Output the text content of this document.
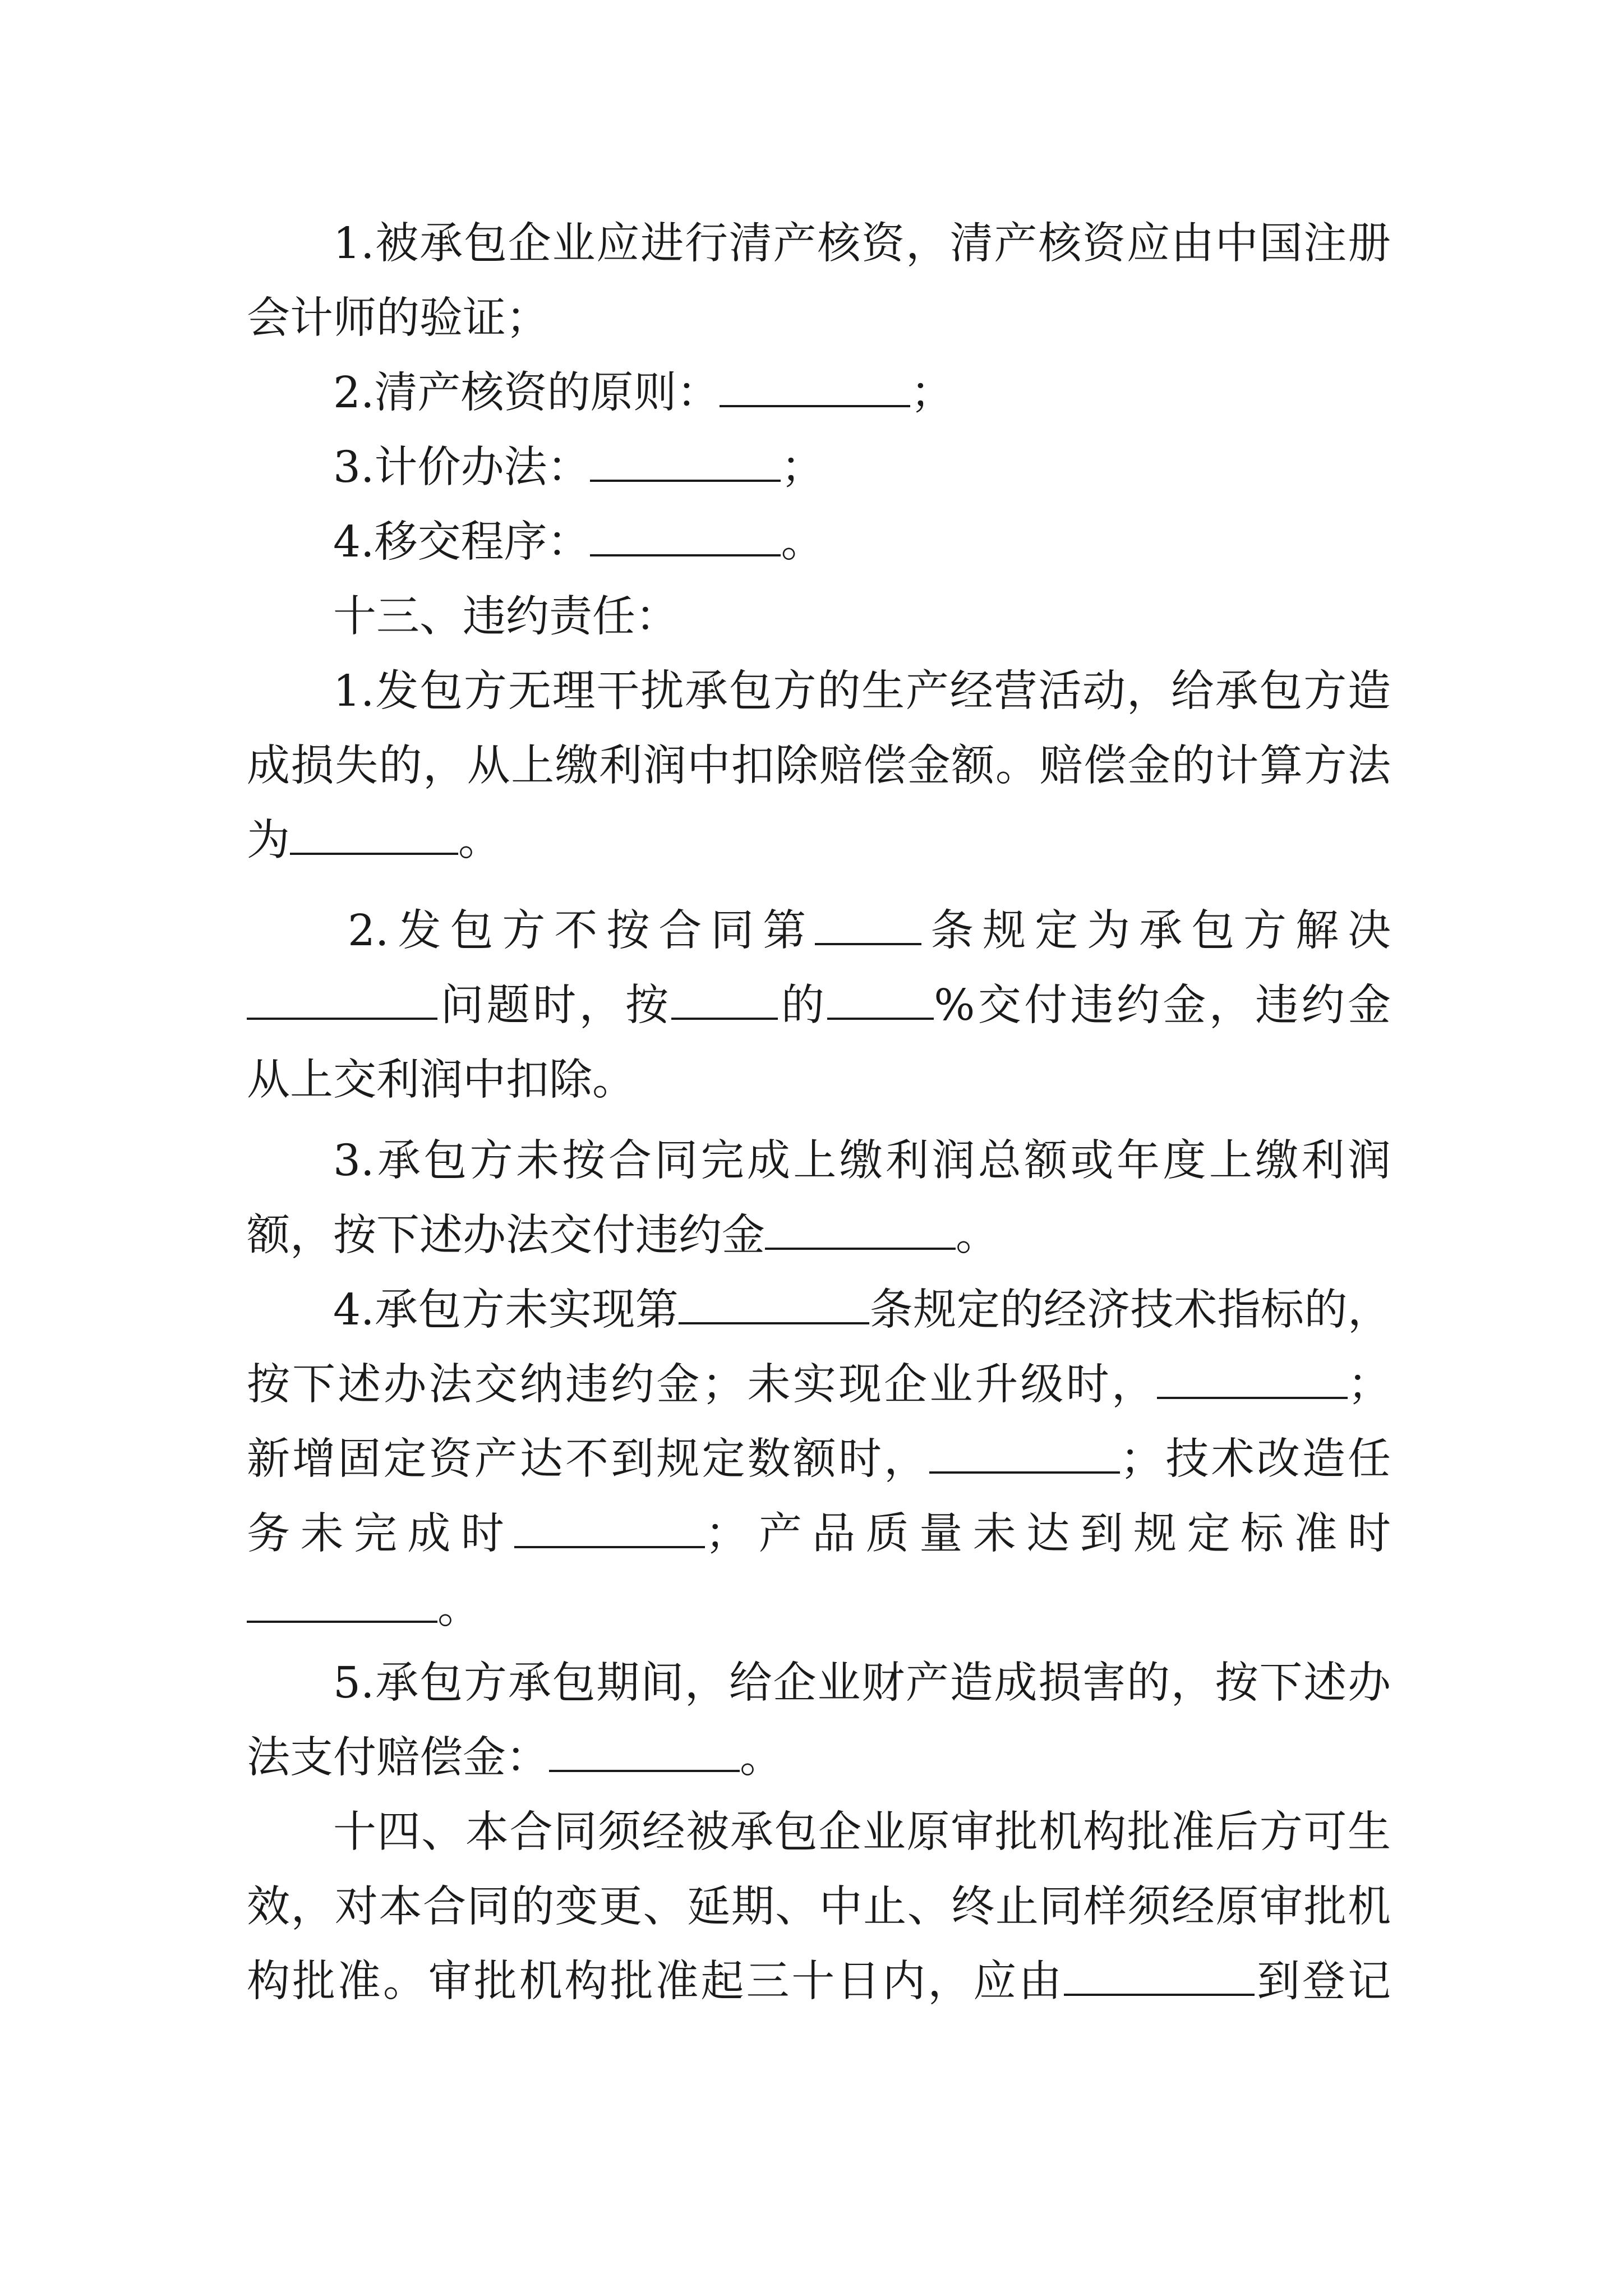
1.被承包企业应进行清产核资，清产核资应由中国注册
会计师的验证；
2.清产核资的原则：	；
3.计价办法：	；
4.移交程序：	。
十三、违约责任：
1.发包方无理干扰承包方的生产经营活动，给承包方造
成损失的，从上缴利润中扣除赔偿金额。赔偿金的计算方法
为	。
2.发包方不按合同第 条规定为承包方解决
问题时，按 的 %交付违约金，违约金
从上交利润中扣除。
3.承包方未按合同完成上缴利润总额或年度上缴利润
额，按下述办法交付违约金	。
4.承包方未实现第	条规定的经济技术指标的，
按下述办法交纳违约金；未实现企业升级时，	；
新增固定资产达不到规定数额时，	；技术改造任
务未完成时	；产品质量未达到规定标准时
。
5.承包方承包期间，给企业财产造成损害的，按下述办
法支付赔偿金：	。
十四、本合同须经被承包企业原审批机构批准后方可生
效，对本合同的变更、延期、中止、终止同样须经原审批机
构批准。审批机构批准起三十日内，应由	到登记
